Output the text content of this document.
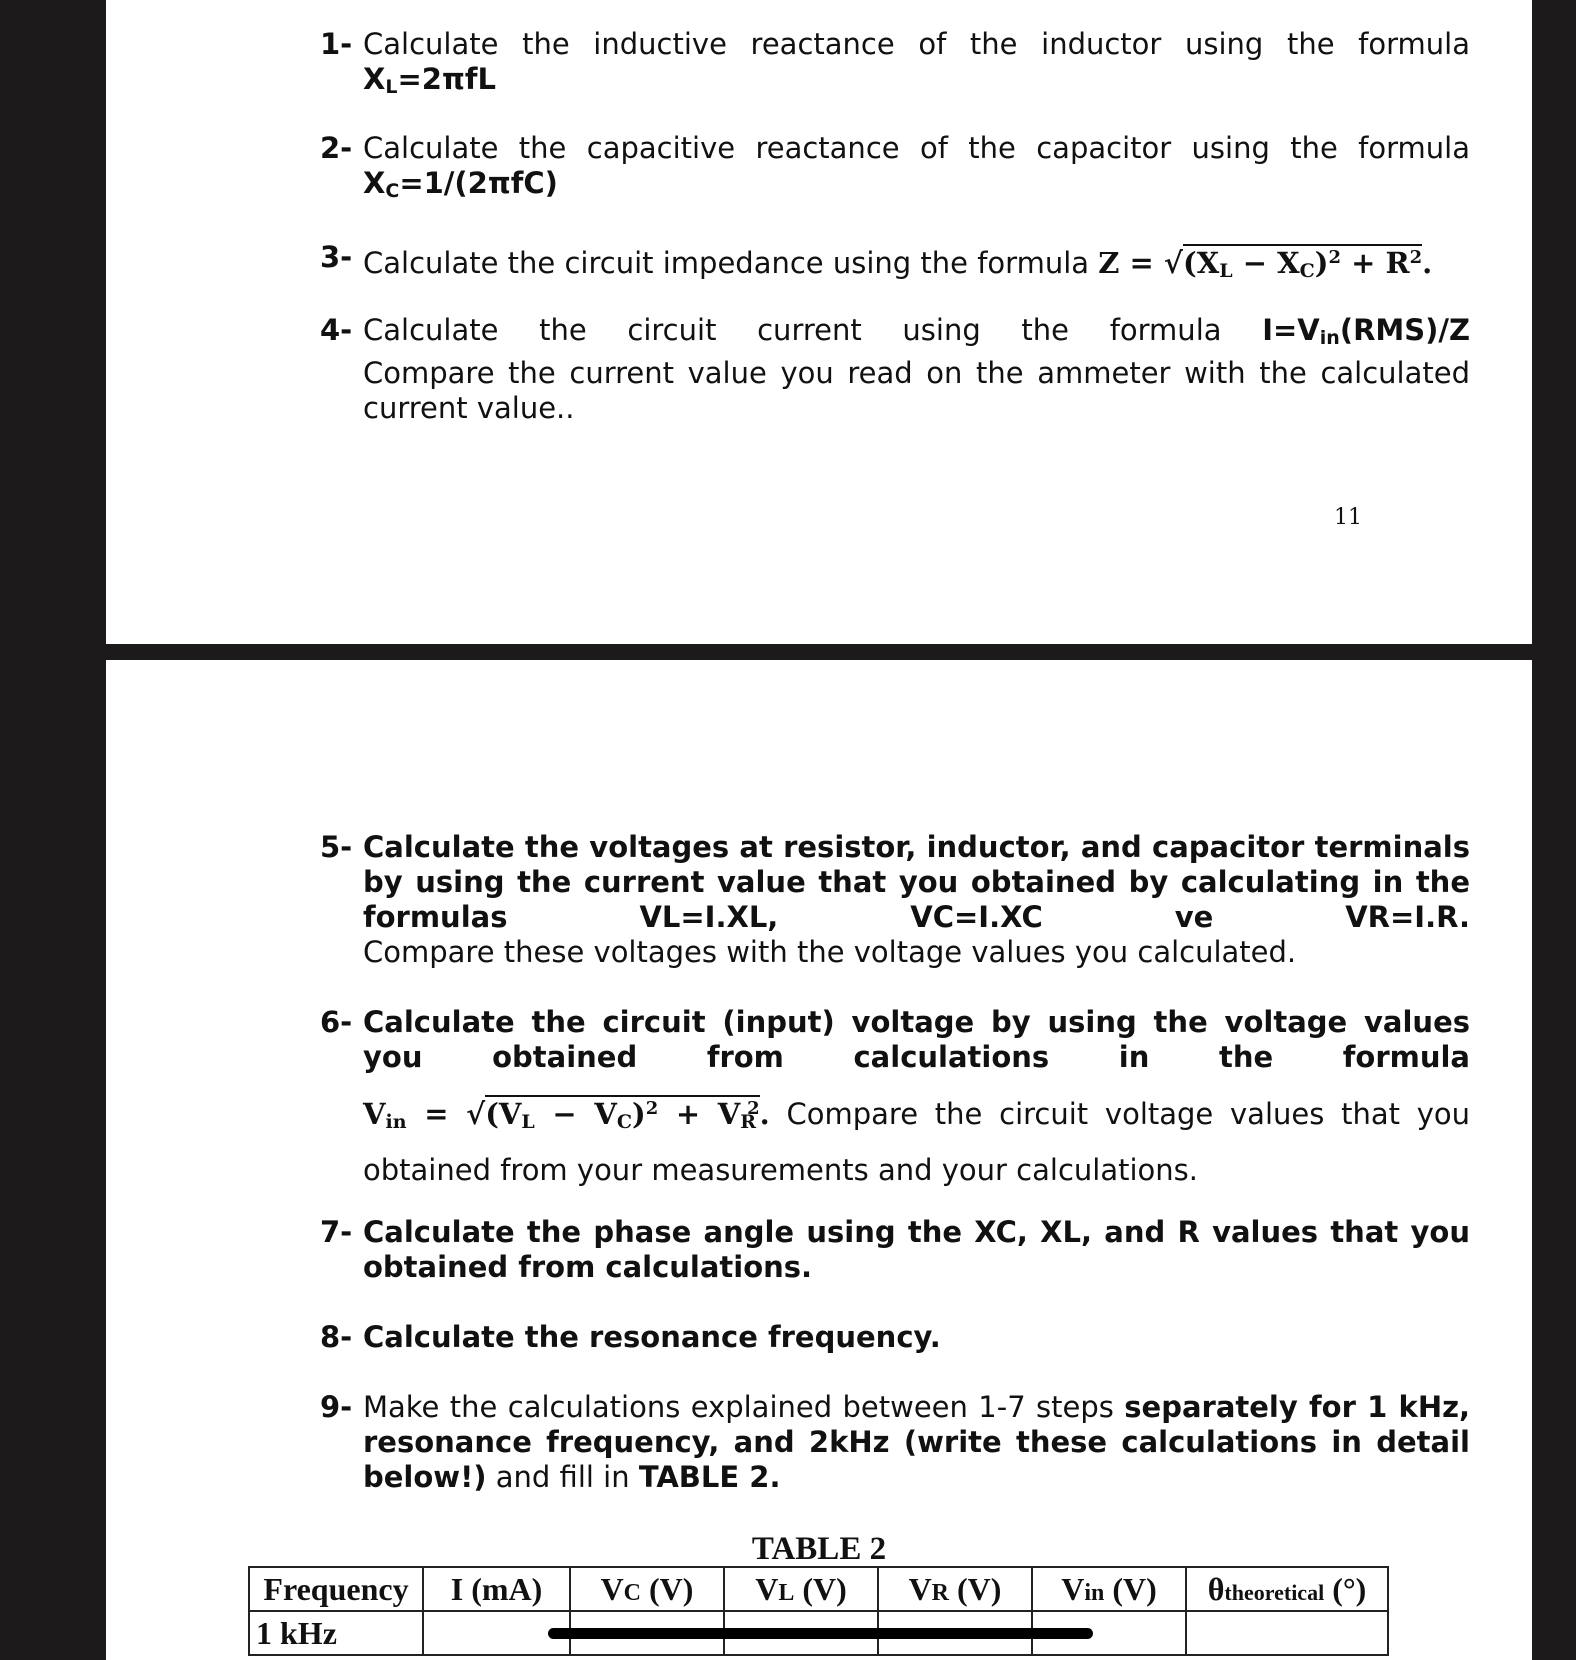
1- Calculate the inductive reactance of the inductor using the formula
$X_L=2\pi fL$
2- Calculate the capacitive reactance of the capacitor using the formula
$X_C=1/(2\pi fC)$
3- Calculate the circuit impedance using the formula $Z = √(X_L - X_C)^2 + R^2$.
4- Calculate the circuit current using the formula $I=V_{in}(RMS)/Z$
Compare the current value you read on the ammeter with the calculated current value..
11
5- Calculate the voltages at resistor, inductor, and capacitor terminals by using the current value that you obtained by calculating in the formulas VL=I.XL, VC=I.XC ve VR=I.R.
Compare these voltages with the voltage values you calculated.
6- Calculate the circuit (input) voltage by using the voltage values you obtained from calculations in the formula
$V_{in} = √(V_L - V_C)^2 + V_R^2$. Compare the circuit voltage values that you obtained from your measurements and your calculations.
7- Calculate the phase angle using the XC, XL, and R values that you obtained from calculations.
8- Calculate the resonance frequency.
9- Make the calculations explained between 1-7 steps separately for 1 kHz, resonance frequency, and 2kHz (write these calculations in detail below!) and fill in TABLE 2.
TABLE 2
Frequency	I (mA)	VC (V)	VL (V)	VR (V)	Vin (V)	θtheoretical (°)
1 kHz						
